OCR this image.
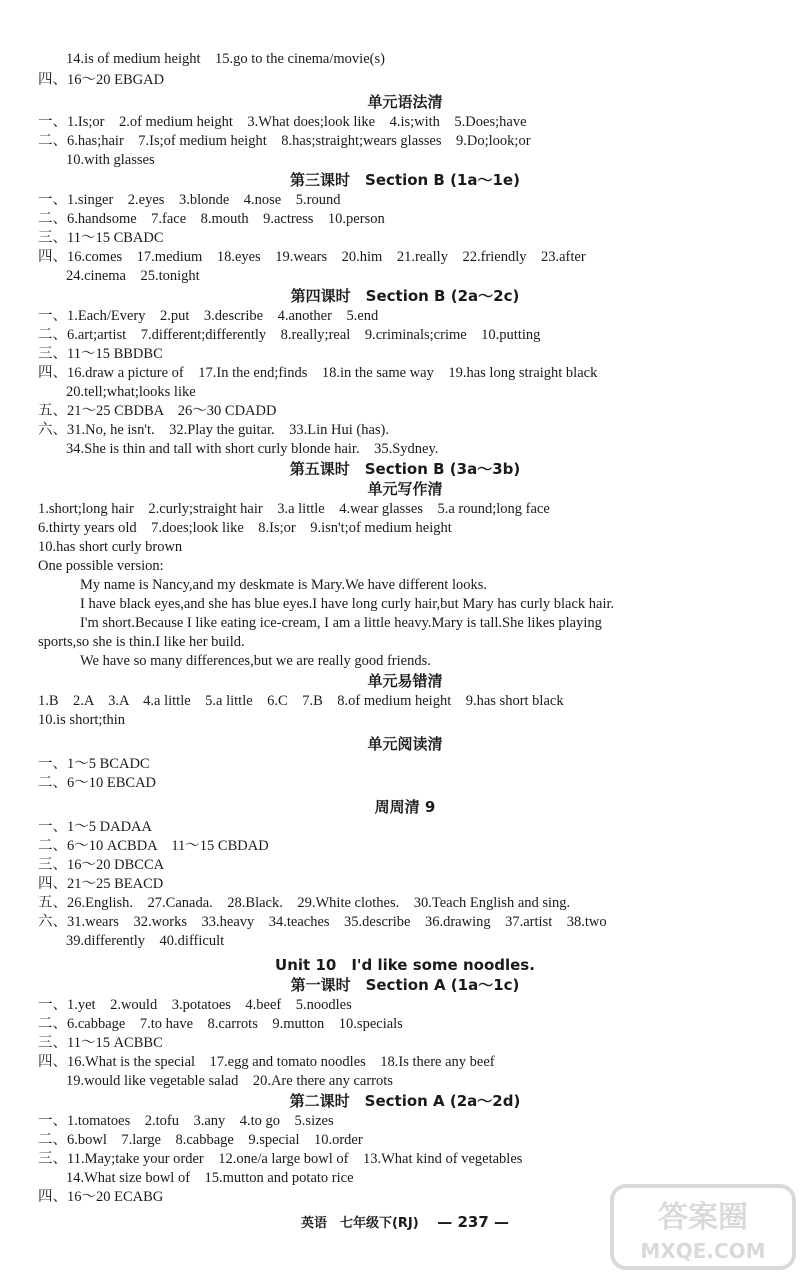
14.is of medium height　15.go to the cinema/movie(s)
四、16～20 EBGAD
单元语法清
一、1.Is;or　2.of medium height　3.What does;look like　4.is;with　5.Does;have
二、6.has;hair　7.Is;of medium height　8.has;straight;wears glasses　9.Do;look;or
10.with glasses
第三课时　Section B (1a～1e)
一、1.singer　2.eyes　3.blonde　4.nose　5.round
二、6.handsome　7.face　8.mouth　9.actress　10.person
三、11～15 CBADC
四、16.comes　17.medium　18.eyes　19.wears　20.him　21.really　22.friendly　23.after
24.cinema　25.tonight
第四课时　Section B (2a～2c)
一、1.Each/Every　2.put　3.describe　4.another　5.end
二、6.art;artist　7.different;differently　8.really;real　9.criminals;crime　10.putting
三、11～15 BBDBC
四、16.draw a picture of　17.In the end;finds　18.in the same way　19.has long straight black
20.tell;what;looks like
五、21～25 CBDBA　26～30 CDADD
六、31.No, he isn't.　32.Play the guitar.　33.Lin Hui (has).
34.She is thin and tall with short curly blonde hair.　35.Sydney.
第五课时　Section B (3a～3b)
单元写作清
1.short;long hair　2.curly;straight hair　3.a little　4.wear glasses　5.a round;long face
6.thirty years old　7.does;look like　8.Is;or　9.isn't;of medium height
10.has short curly brown
One possible version:
My name is Nancy,and my deskmate is Mary.We have different looks.
I have black eyes,and she has blue eyes.I have long curly hair,but Mary has curly black hair.
I'm short.Because I like eating ice-cream, I am a little heavy.Mary is tall.She likes playing
sports,so she is thin.I like her build.
We have so many differences,but we are really good friends.
单元易错清
1.B　2.A　3.A　4.a little　5.a little　6.C　7.B　8.of medium height　9.has short black
10.is short;thin
单元阅读清
一、1～5 BCADC
二、6～10 EBCAD
周周清 9
一、1～5 DADAA
二、6～10 ACBDA　11～15 CBDAD
三、16～20 DBCCA
四、21～25 BEACD
五、26.English.　27.Canada.　28.Black.　29.White clothes.　30.Teach English and sing.
六、31.wears　32.works　33.heavy　34.teaches　35.describe　36.drawing　37.artist　38.two
39.differently　40.difficult
Unit 10　I'd like some noodles.
第一课时　Section A (1a～1c)
一、1.yet　2.would　3.potatoes　4.beef　5.noodles
二、6.cabbage　7.to have　8.carrots　9.mutton　10.specials
三、11～15 ACBBC
四、16.What is the special　17.egg and tomato noodles　18.Is there any beef
19.would like vegetable salad　20.Are there any carrots
第二课时　Section A (2a～2d)
一、1.tomatoes　2.tofu　3.any　4.to go　5.sizes
二、6.bowl　7.large　8.cabbage　9.special　10.order
三、11.May;take your order　12.one/a large bowl of　13.What kind of vegetables
14.What size bowl of　15.mutton and potato rice
四、16～20 ECABG
英语　七年级下(RJ) — 237 —	答案圈
MXQE.COM
